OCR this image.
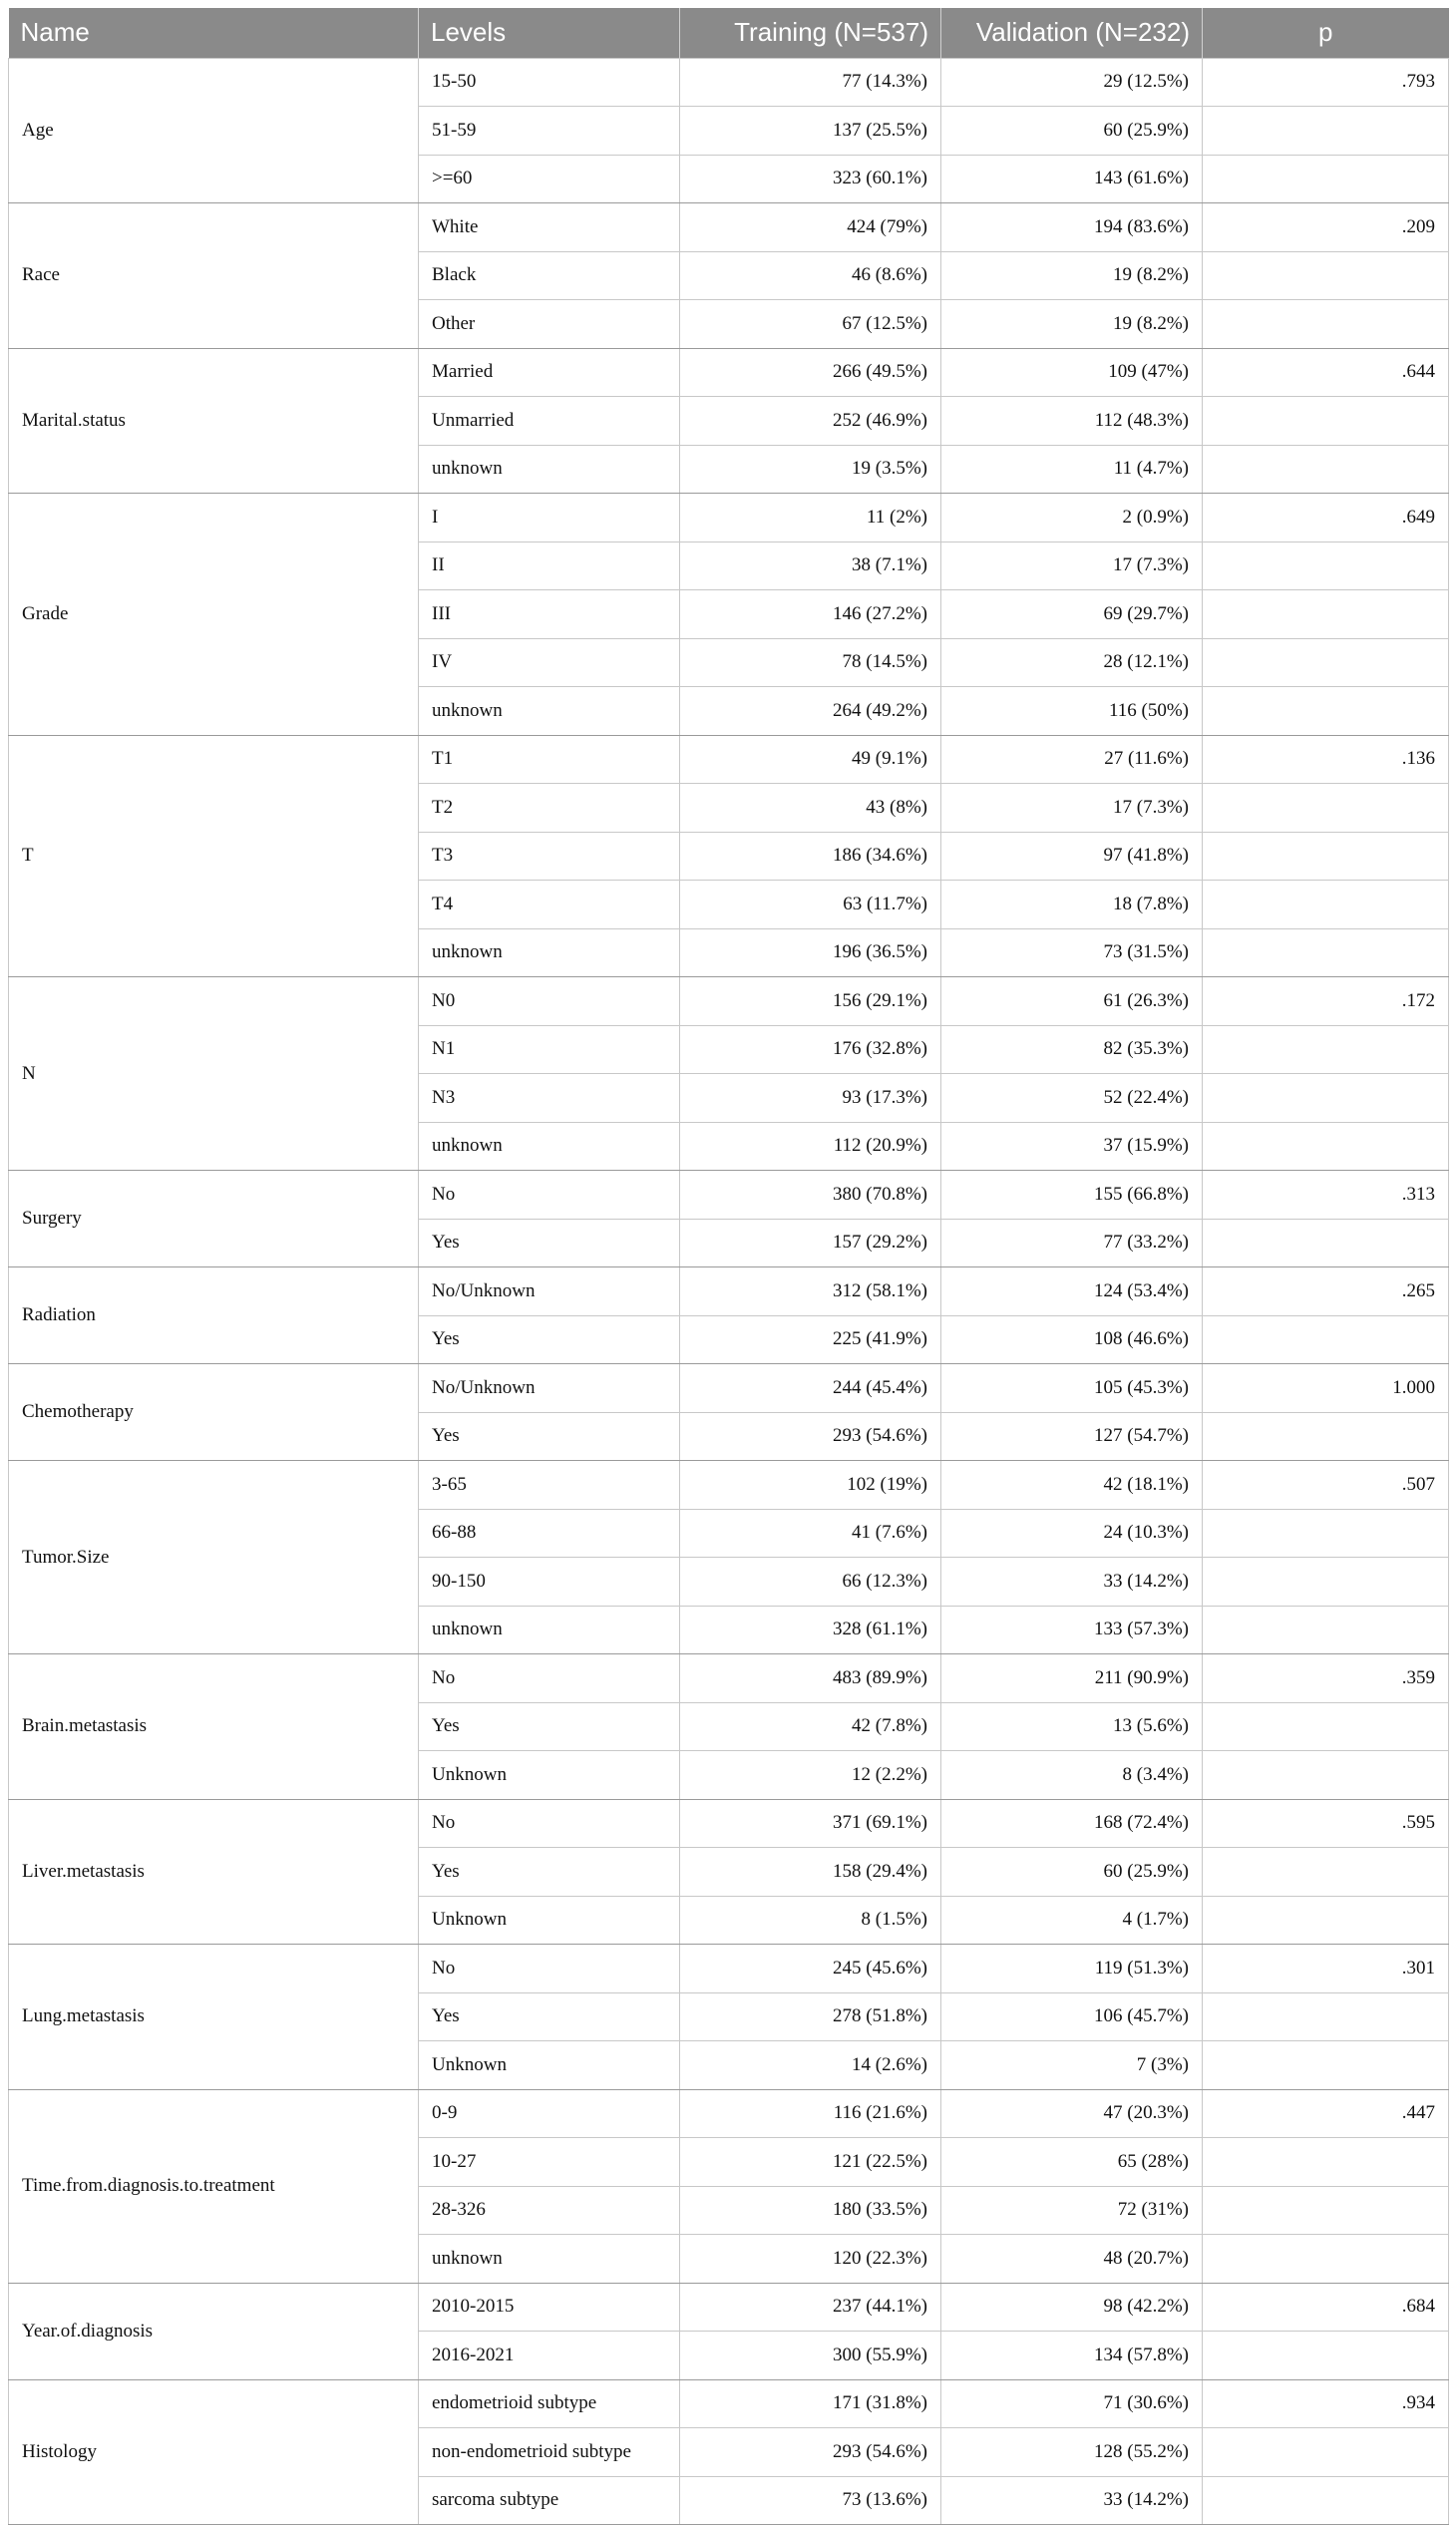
Name	Levels	Training (N=537)	Validation (N=232)	p
Age	15-50	77 (14.3%)	29 (12.5%)	.793
	51-59	137 (25.5%)	60 (25.9%)	
	>=60	323 (60.1%)	143 (61.6%)	
Race	White	424 (79%)	194 (83.6%)	.209
	Black	46 (8.6%)	19 (8.2%)	
	Other	67 (12.5%)	19 (8.2%)	
Marital.status	Married	266 (49.5%)	109 (47%)	.644
	Unmarried	252 (46.9%)	112 (48.3%)	
	unknown	19 (3.5%)	11 (4.7%)	
Grade	I	11 (2%)	2 (0.9%)	.649
	II	38 (7.1%)	17 (7.3%)	
	III	146 (27.2%)	69 (29.7%)	
	IV	78 (14.5%)	28 (12.1%)	
	unknown	264 (49.2%)	116 (50%)	
T	T1	49 (9.1%)	27 (11.6%)	.136
	T2	43 (8%)	17 (7.3%)	
	T3	186 (34.6%)	97 (41.8%)	
	T4	63 (11.7%)	18 (7.8%)	
	unknown	196 (36.5%)	73 (31.5%)	
N	N0	156 (29.1%)	61 (26.3%)	.172
	N1	176 (32.8%)	82 (35.3%)	
	N3	93 (17.3%)	52 (22.4%)	
	unknown	112 (20.9%)	37 (15.9%)	
Surgery	No	380 (70.8%)	155 (66.8%)	.313
	Yes	157 (29.2%)	77 (33.2%)	
Radiation	No/Unknown	312 (58.1%)	124 (53.4%)	.265
	Yes	225 (41.9%)	108 (46.6%)	
Chemotherapy	No/Unknown	244 (45.4%)	105 (45.3%)	1.000
	Yes	293 (54.6%)	127 (54.7%)	
Tumor.Size	3-65	102 (19%)	42 (18.1%)	.507
	66-88	41 (7.6%)	24 (10.3%)	
	90-150	66 (12.3%)	33 (14.2%)	
	unknown	328 (61.1%)	133 (57.3%)	
Brain.metastasis	No	483 (89.9%)	211 (90.9%)	.359
	Yes	42 (7.8%)	13 (5.6%)	
	Unknown	12 (2.2%)	8 (3.4%)	
Liver.metastasis	No	371 (69.1%)	168 (72.4%)	.595
	Yes	158 (29.4%)	60 (25.9%)	
	Unknown	8 (1.5%)	4 (1.7%)	
Lung.metastasis	No	245 (45.6%)	119 (51.3%)	.301
	Yes	278 (51.8%)	106 (45.7%)	
	Unknown	14 (2.6%)	7 (3%)	
Time.from.diagnosis.to.treatment	0-9	116 (21.6%)	47 (20.3%)	.447
	10-27	121 (22.5%)	65 (28%)	
	28-326	180 (33.5%)	72 (31%)	
	unknown	120 (22.3%)	48 (20.7%)	
Year.of.diagnosis	2010-2015	237 (44.1%)	98 (42.2%)	.684
	2016-2021	300 (55.9%)	134 (57.8%)	
Histology	endometrioid subtype	171 (31.8%)	71 (30.6%)	.934
	non-endometrioid subtype	293 (54.6%)	128 (55.2%)	
	sarcoma subtype	73 (13.6%)	33 (14.2%)	
